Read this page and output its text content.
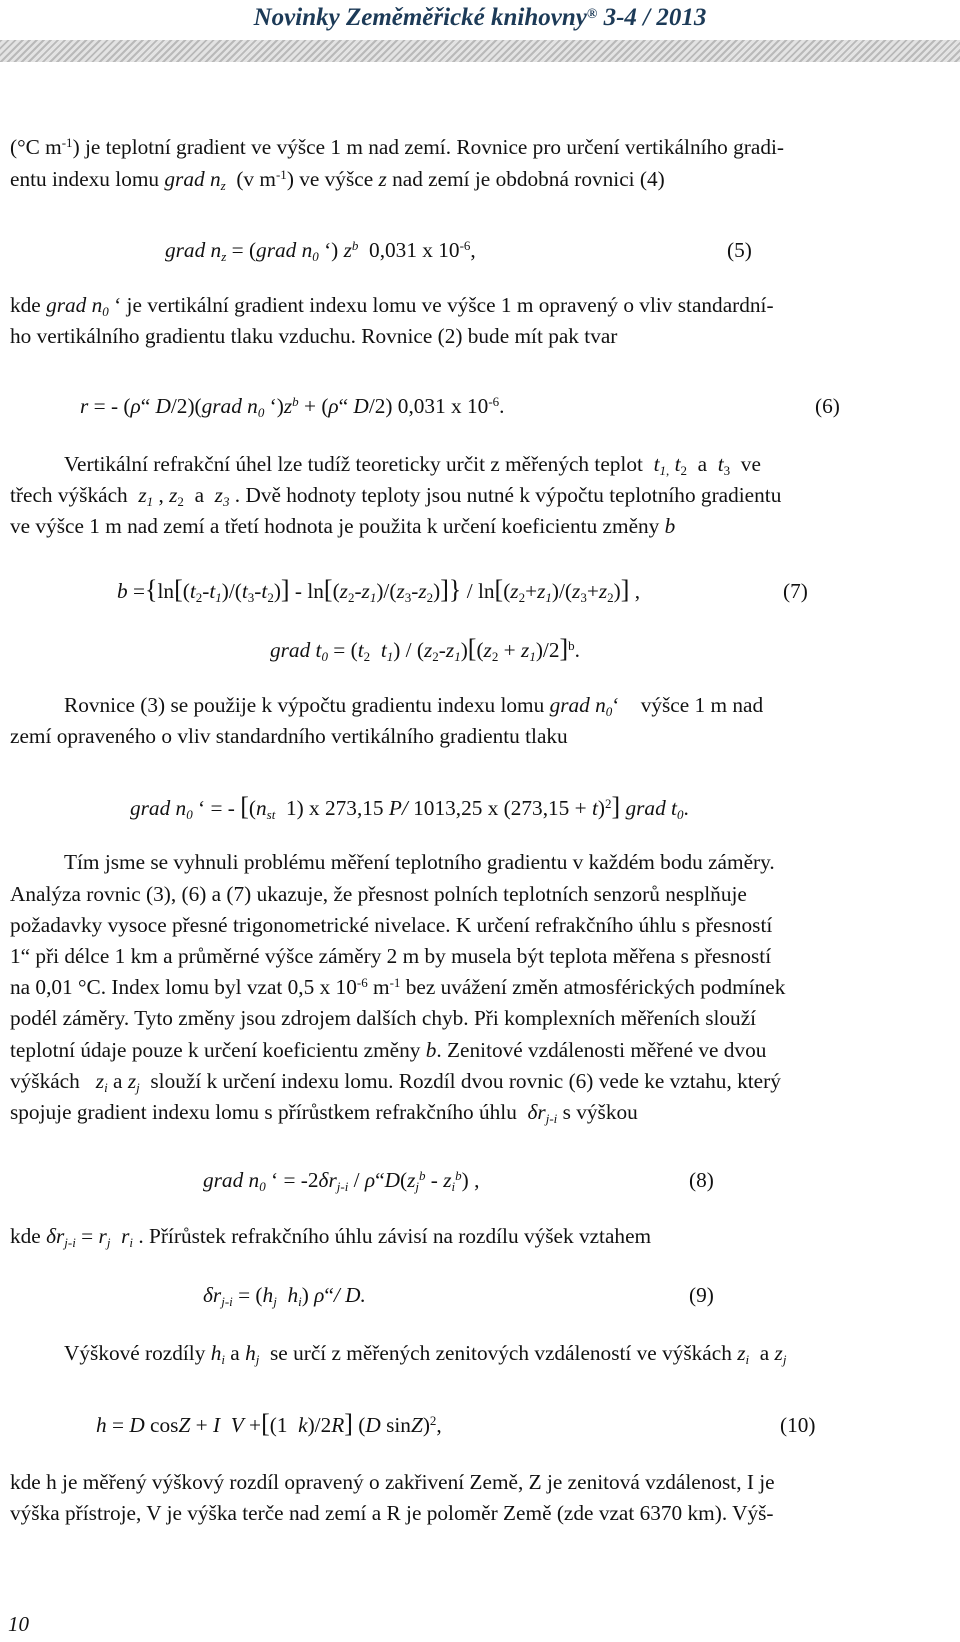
Novinky Zeměměřické knihovny® 3-4 / 2013
(°C $m^{-1}$) je teplotní gradient ve výšce 1 m nad zemí. Rovnice pro určení vertikálního gradi-
entu indexu lomu grad $n_z$ (v $m^{-1}$) ve výšce z nad zemí je obdobná rovnici (4)
grad $n_z$ = (grad $n_0$ ‘) $z^b$  0,031 x $10^{-6}$,	(5)
kde grad $n_0$ ‘ je vertikální gradient indexu lomu ve výšce 1 m opravený o vliv standardní-
ho vertikálního gradientu tlaku vzduchu. Rovnice (2) bude mít pak tvar
r = - (ρ“ D/2)(grad $n_0$ ‘)$z^b$ + (ρ“ D/2) 0,031 x $10^{-6}$.	(6)
Vertikální refrakční úhel lze tudíž teoreticky určit z měřených teplot $t_{1,}$ $t_2$  a  $t_3$  ve
třech výškách $z_1$ , $z_2$  a  $z_3$ . Dvě hodnoty teploty jsou nutné k výpočtu teplotního gradientu
ve výšce 1 m nad zemí a třetí hodnota je použita k určení koeficientu změny b
$b =\{\ln[(t_2-t_1)/(t_3-t_2)] - \ln[(z_2-z_1)/(z_3-z_2)]\} / \ln[(z_2+z_1)/(z_3+z_2)]$ ,	(7)
grad $t_0 = (t_2$ $t_1) / (z_2-z_1)[(z_2 + z_1)/2]^b$.
Rovnice (3) se použije k výpočtu gradientu indexu lomu grad $n_0‘$    výšce 1 m nad
zemí opraveného o vliv standardního vertikálního gradientu tlaku
grad $n_0$ ‘ = - [($n_{st}$  1) x 273,15 P/ 1013,25 x $(273,15 + t)^2$] grad $t_0$.
Tím jsme se vyhnuli problému měření teplotního gradientu v každém bodu záměry.
Analýza rovnic (3), (6) a (7) ukazuje, že přesnost polních teplotních senzorů nesplňuje
požadavky vysoce přesné trigonometrické nivelace. K určení refrakčního úhlu s přesností
1“ při délce 1 km a průměrné výšce záměry 2 m by musela být teplota měřena s přesností
na 0,01 °C. Index lomu byl vzat 0,5 x $10^{-6}$ $m^{-1}$ bez uvážení změn atmosférických podmínek
podél záměry. Tyto změny jsou zdrojem dalších chyb. Při komplexních měřeních slouží
teplotní údaje pouze k určení koeficientu změny b. Zenitové vzdálenosti měřené ve dvou
výškách $z_i$ a $z_j$ slouží k určení indexu lomu. Rozdíl dvou rovnic (6) vede ke vztahu, který
spojuje gradient indexu lomu s přírůstkem refrakčního úhlu  $\delta r_{j-i}$ s výškou
grad $n_0$ ‘ = $-2\delta r_{j-i}$ / $\rho“D(z_j^b - z_i^b)$ ,	(8)
kde $\delta r_{j-i} = r_j$ $r_i$ . Přírůstek refrakčního úhlu závisí na rozdílu výšek vztahem
$\delta r_{j-i} = (h_j$ $h_i$) ρ“/ D.	(9)
Výškové rozdíly $h_i$ a $h_j$  se určí z měřených zenitových vzdáleností ve výškách $z_i$  a $z_j$
h = D cosZ + I V +[(1  k)/2R] (D sinZ)$^2$,	(10)
kde h je měřený výškový rozdíl opravený o zakřivení Země, Z je zenitová vzdálenost, I je
výška přístroje, V je výška terče nad zemí a R je poloměr Země (zde vzat 6370 km). Výš-
10
